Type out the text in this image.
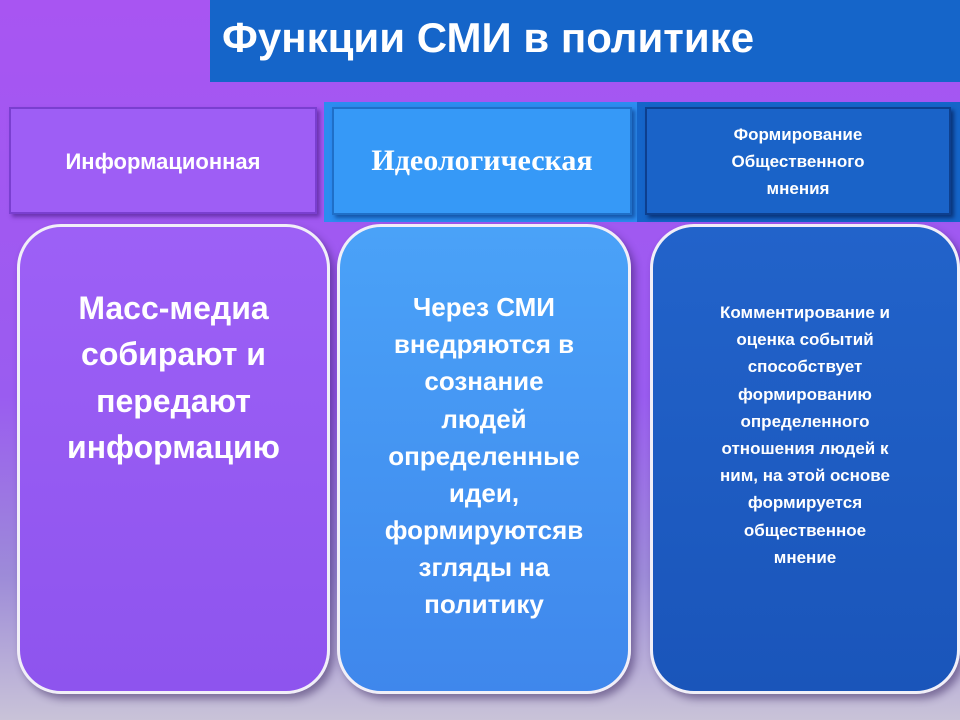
Функции СМИ в политике
Информационная	Идеологическая
Формирование
Общественного
мнения
Масс-медиа
собирают и
передают
информацию
Через СМИ
внедряются в
сознание
людей
определенные
идеи,
формируютсяв
згляды на
политику
Комментирование и
оценка событий
способствует
формированию
определенного
отношения людей к
ним, на этой основе
формируется
общественное
мнение
